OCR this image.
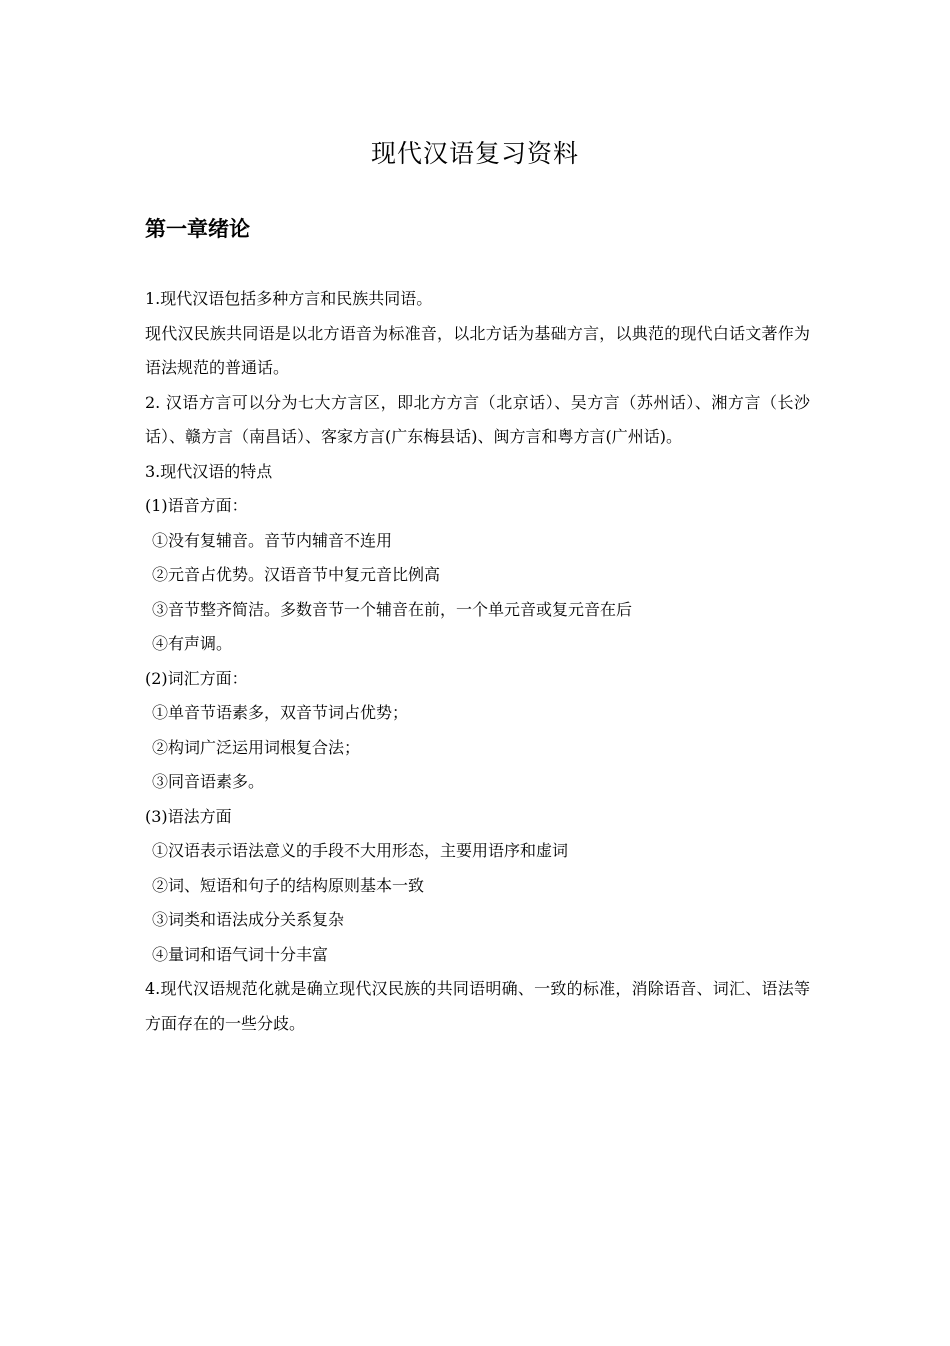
现代汉语复习资料
第一章绪论

1.现代汉语包括多种方言和民族共同语。

现代汉民族共同语是以北方语音为标准音，以北方话为基础方言，以典范的现代白话文著作为语法规范的普通话。

2. 汉语方言可以分为七大方言区，即北方方言（北京话）、吴方言（苏州话）、湘方言（长沙话）、赣方言（南昌话）、客家方言(广东梅县话)、闽方言和粤方言(广州话)。

3.现代汉语的特点

(1)语音方面：

①没有复辅音。音节内辅音不连用

②元音占优势。汉语音节中复元音比例高

③音节整齐简洁。多数音节一个辅音在前，一个单元音或复元音在后

④有声调。

(2)词汇方面：

①单音节语素多，双音节词占优势；

②构词广泛运用词根复合法；

③同音语素多。

(3)语法方面

①汉语表示语法意义的手段不大用形态，主要用语序和虚词

②词、短语和句子的结构原则基本一致

③词类和语法成分关系复杂

④量词和语气词十分丰富

4.现代汉语规范化就是确立现代汉民族的共同语明确、一致的标准，消除语音、词汇、语法等方面存在的一些分歧。
